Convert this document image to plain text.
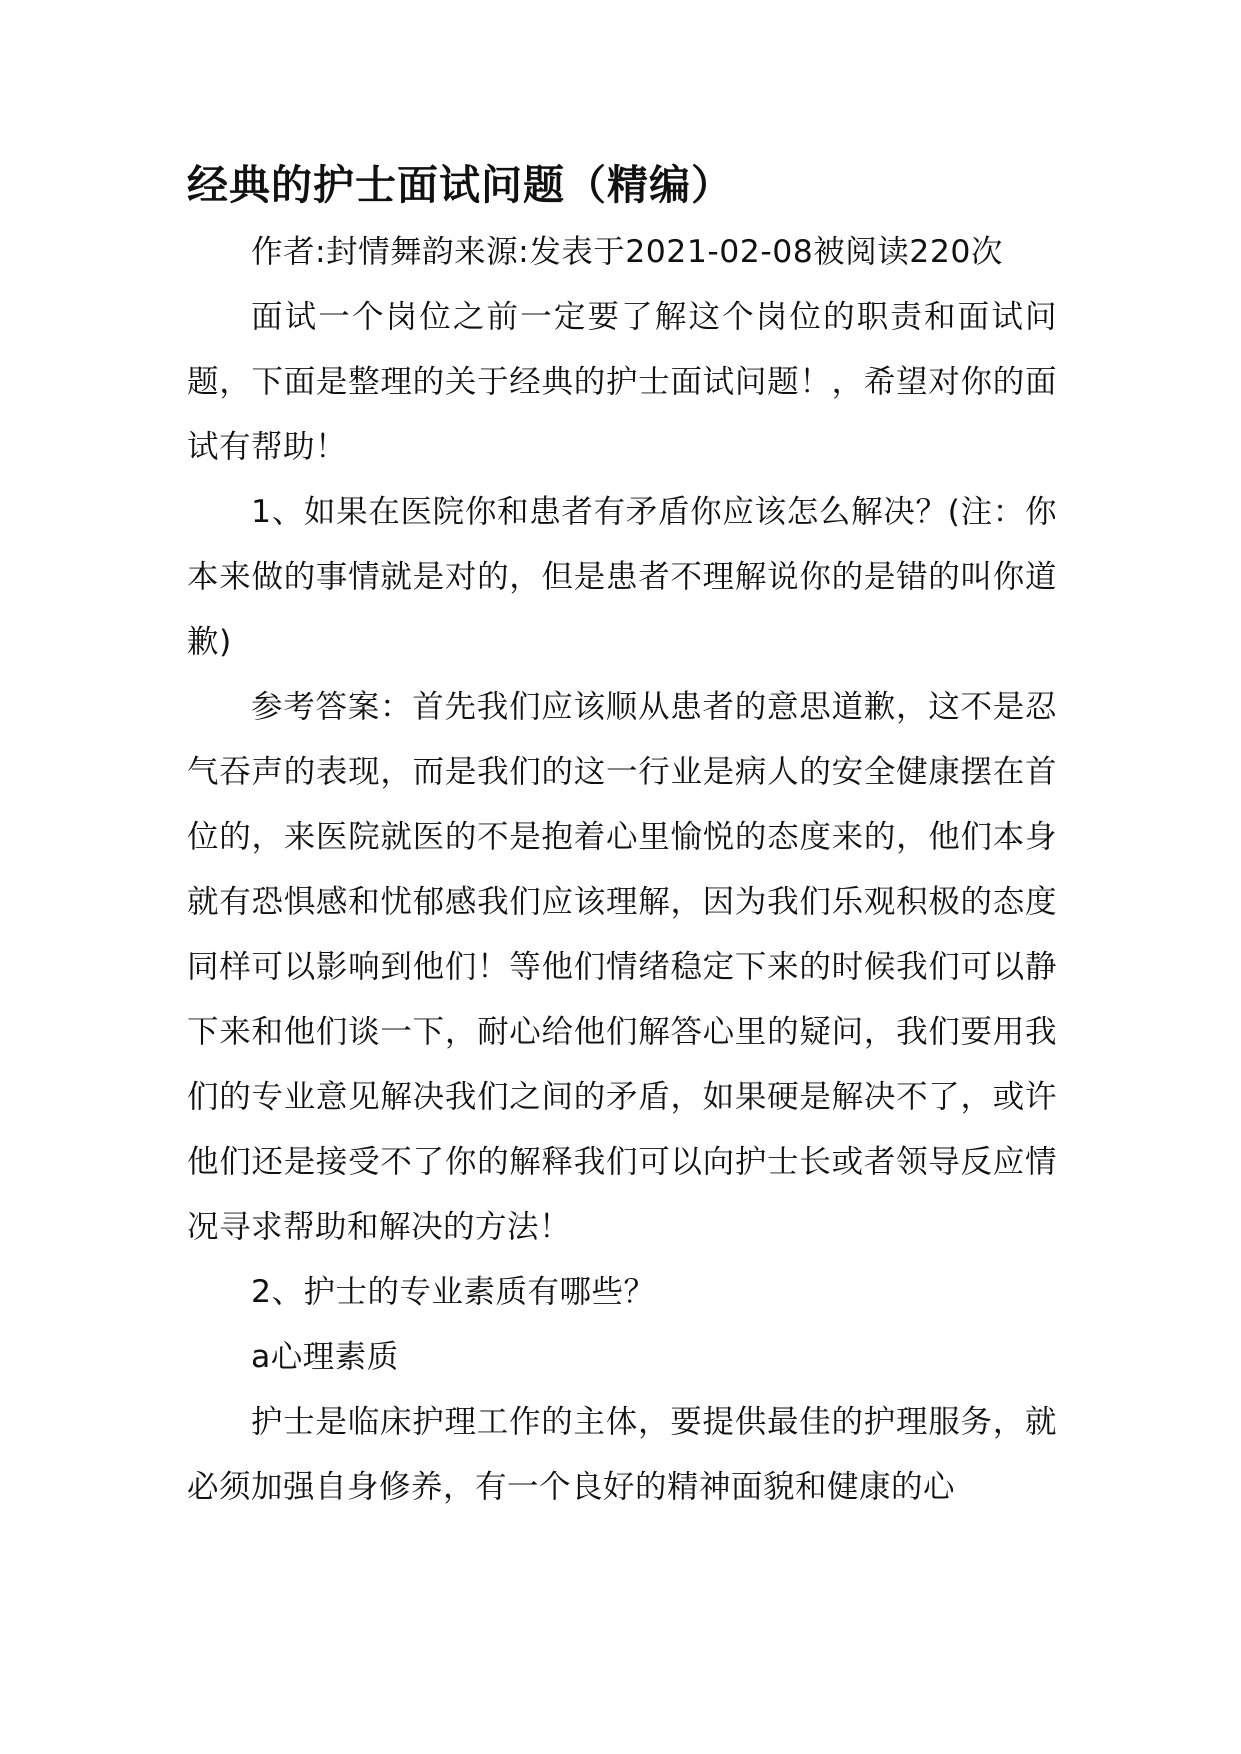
经典的护士面试问题（精编）

作者:封情舞韵来源:发表于2021-02-08被阅读220次

面试一个岗位之前一定要了解这个岗位的职责和面试问题，下面是整理的关于经典的护士面试问题！，希望对你的面试有帮助！

1、如果在医院你和患者有矛盾你应该怎么解决？(注：你本来做的事情就是对的，但是患者不理解说你的是错的叫你道歉)

参考答案：首先我们应该顺从患者的意思道歉，这不是忍气吞声的表现，而是我们的这一行业是病人的安全健康摆在首位的，来医院就医的不是抱着心里愉悦的态度来的，他们本身就有恐惧感和忧郁感我们应该理解，因为我们乐观积极的态度同样可以影响到他们！等他们情绪稳定下来的时候我们可以静下来和他们谈一下，耐心给他们解答心里的疑问，我们要用我们的专业意见解决我们之间的矛盾，如果硬是解决不了，或许他们还是接受不了你的解释我们可以向护士长或者领导反应情况寻求帮助和解决的方法！

2、护士的专业素质有哪些？

a心理素质

护士是临床护理工作的主体，要提供最佳的护理服务，就必须加强自身修养，有一个良好的精神面貌和健康的心
